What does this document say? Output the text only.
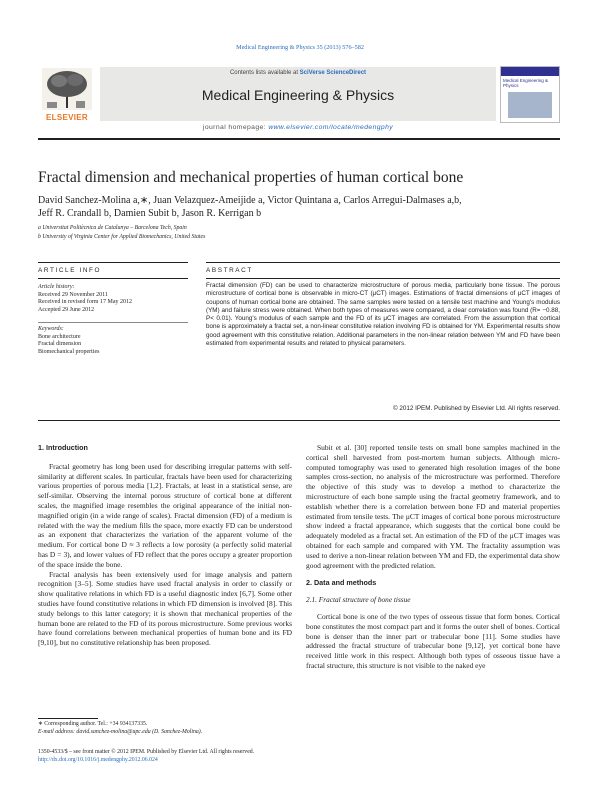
Medical Engineering & Physics 35 (2013) 576–582
ELSEVIER
Contents lists available at SciVerse ScienceDirect
Medical Engineering & Physics
Medical Engineering & Physics
journal homepage: www.elsevier.com/locate/medengphy
Fractal dimension and mechanical properties of human cortical bone
David Sanchez-Molina a,∗, Juan Velazquez-Ameijide a, Victor Quintana a, Carlos Arregui-Dalmases a,b,
Jeff R. Crandall b, Damien Subit b, Jason R. Kerrigan b
a Universitat Politècnica de Catalunya – Barcelona Tech, Spain
b University of Virginia Center for Applied Biomechanics, United States
ARTICLE INFO	ABSTRACT
Article history:
Received 29 November 2011
Received in revised form 17 May 2012
Accepted 29 June 2012
Keywords:
Bone architecture
Fractal dimension
Biomechanical properties
Fractal dimension (FD) can be used to characterize microstructure of porous media, particularly bone tissue. The porous microstructure of cortical bone is observable in micro-CT (μCT) images. Estimations of fractal dimensions of μCT images of coupons of human cortical bone are obtained. The same samples were tested on a tensile test machine and Young's modulus (YM) and failure stress were obtained. When both types of measures were compared, a clear correlation was found (R= −0.88, P< 0.01). Young's modulus of each sample and the FD of its μCT images are correlated. From the assumption that cortical bone is approximately a fractal set, a non-linear constitutive relation involving FD is obtained for YM. Experimental results show good agreement with this constitutive relation. Additional parameters in the non-linear relation between YM and FD have been estimated from experimental results and related to physical parameters.
© 2012 IPEM. Published by Elsevier Ltd. All rights reserved.
1. Introduction

Fractal geometry has long been used for describing irregular patterns with self-similarity at different scales. In particular, fractals have been used for characterizing various properties of porous media [1,2]. Fractals, at least in a statistical sense, are self-similar. Observing the internal porous structure of cortical bone at different scales, the magnified image resembles the original appearance of the initial non-magnified origin (in a wide range of scales). Fractal dimension (FD) of a medium is related with the way the medium fills the space, more exactly FD can be understood as an exponent that characterizes the variation of the apparent volume of the medium. For cortical bone D ≈ 3 reflects a low porosity (a perfectly solid material has D = 3), and lower values of FD reflect that the pores occupy a greater proportion of the space inside the bone.

Fractal analysis has been extensively used for image analysis and pattern recognition [3–5]. Some studies have used fractal analysis in order to classify or show qualitative relations in which FD is a useful diagnostic index [6,7]. Some other studies have found constitutive relations in which FD dimension is involved [8]. This study belongs to this latter category; it is shown that mechanical properties of the human bone are related to the FD of its porous microstructure. Some previous works have found correlations between mechanical properties of human bone and its FD [9,10], but no constitutive relationship has been proposed.

Subit et al. [30] reported tensile tests on small bone samples machined in the cortical shell harvested from post-mortem human subjects. Although micro-computed tomography was used to generated high resolution images of the bone samples cross-section, no analysis of the microstructure was performed. Therefore the objective of this study was to develop a method to characterize the microstructure of each bone sample using the fractal geometry framework, and to establish whether there is a correlation between bone FD and material properties estimated from tensile tests. The μCT images of cortical bone porous microstructure show indeed a fractal appearance, which suggests that the cortical bone could be adequately modeled as a fractal set. An estimation of the FD of the μCT images was obtained for each sample and compared with YM. The fractality assumption was used to derive a non-linear relation between YM and FD, the experimental data show good agreement with the predicted relation.

2. Data and methods
2.1. Fractal structure of bone tissue

Cortical bone is one of the two types of osseous tissue that form bones. Cortical bone constitutes the most compact part and it forms the outer shell of bones. Cortical bone is denser than the inner part or trabecular bone [11]. Some studies have addressed the fractal structure of trabecular bone [9,12], yet cortical bone have received little work in this respect. Although both types of osseous tissue have a fractal structure, this structure is not visible to the naked eye

∗ Corresponding author. Tel.: +34 934137335.
E-mail address: david.sanchez-molina@upc.edu (D. Sanchez-Molina).
1350-4533/$ – see front matter © 2012 IPEM. Published by Elsevier Ltd. All rights reserved.
http://dx.doi.org/10.1016/j.medengphy.2012.06.024
